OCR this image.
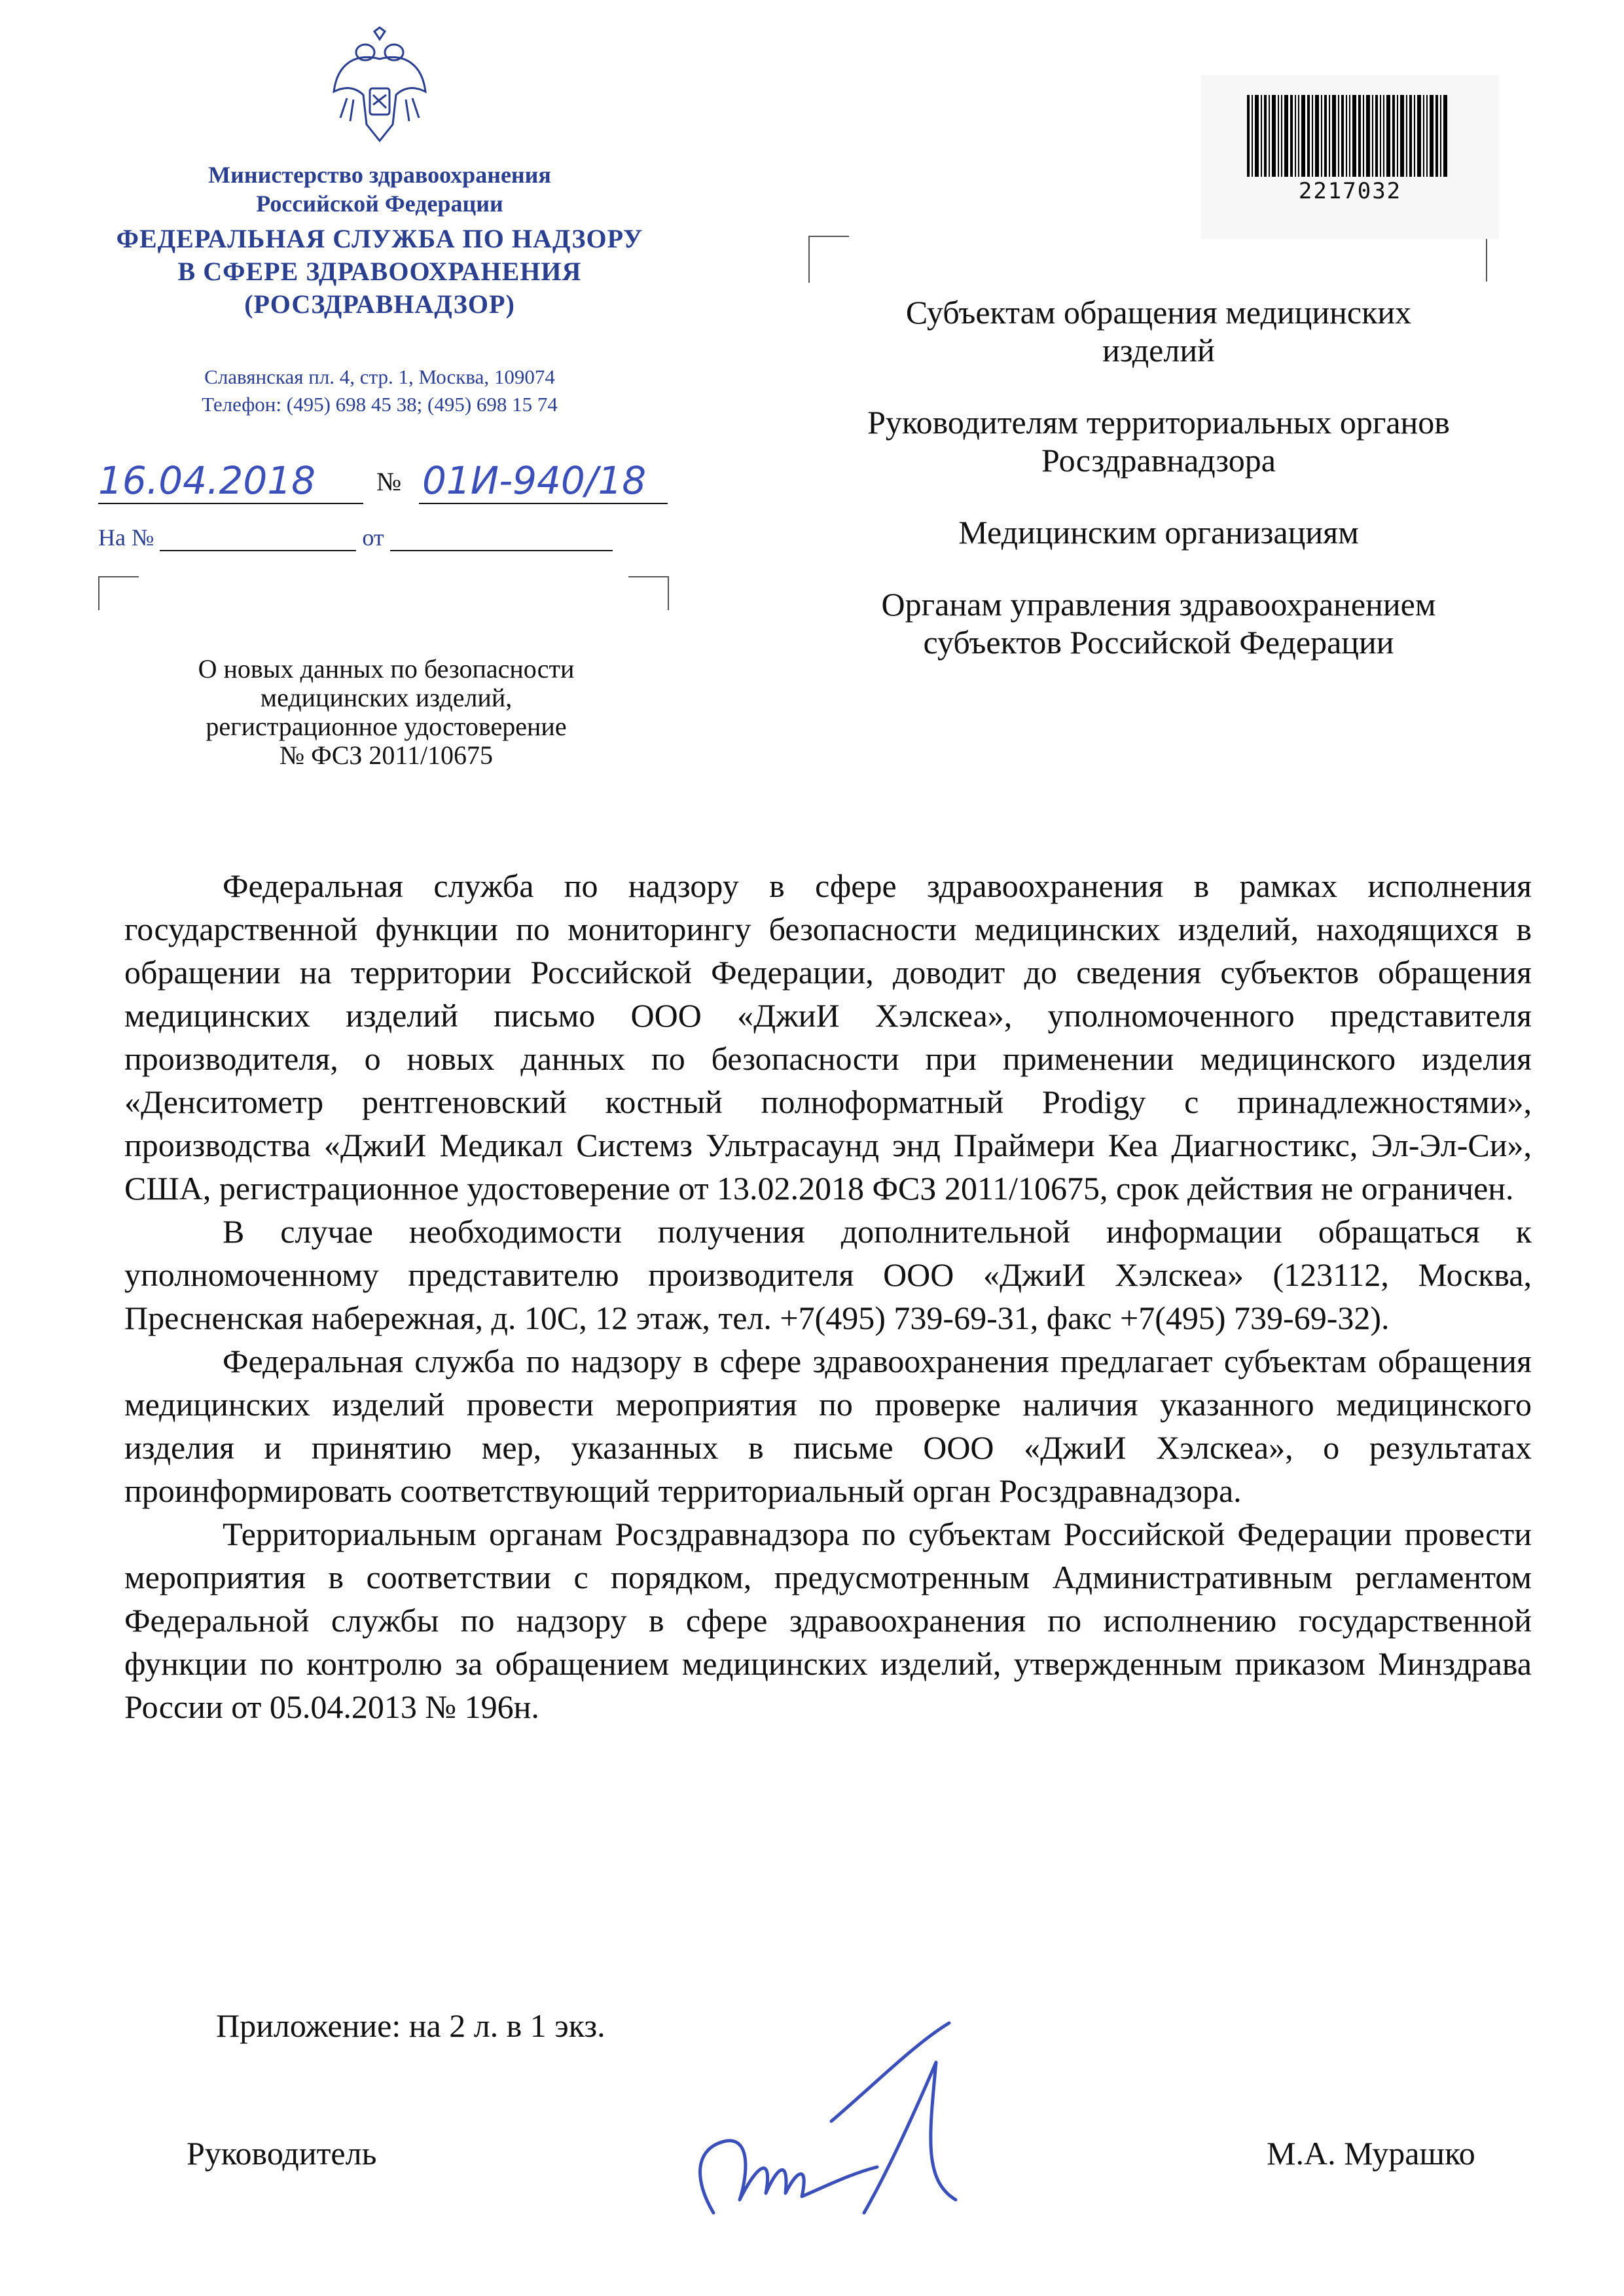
Министерство здравоохранения
Российской Федерации
ФЕДЕРАЛЬНАЯ СЛУЖБА ПО НАДЗОРУ
В СФЕРЕ ЗДРАВООХРАНЕНИЯ
(РОСЗДРАВНАДЗОР)
Славянская пл. 4, стр. 1, Москва, 109074
Телефон: (495) 698 45 38; (495) 698 15 74
16.04.2018 № 01И-940/18
На №	от
О новых данных по безопасности
медицинских изделий,
регистрационное удостоверение
№ ФСЗ 2011/10675
2217032

Субъектам обращения медицинских изделий

Руководителям территориальных органов Росздравнадзора

Медицинским организациям

Органам управления здравоохранением субъектов Российской Федерации

Федеральная служба по надзору в сфере здравоохранения в рамках исполнения государственной функции по мониторингу безопасности медицинских изделий, находящихся в обращении на территории Российской Федерации, доводит до сведения субъектов обращения медицинских изделий письмо ООО «ДжиИ Хэлскеа», уполномоченного представителя производителя, о новых данных по безопасности при применении медицинского изделия «Денситометр рентгеновский костный полноформатный Prodigy с принадлежностями», производства «ДжиИ Медикал Системз Ультрасаунд энд Праймери Кеа Диагностикс, Эл-Эл-Си», США, регистрационное удостоверение от 13.02.2018 ФСЗ 2011/10675, срок действия не ограничен.

В случае необходимости получения дополнительной информации обращаться к уполномоченному представителю производителя ООО «ДжиИ Хэлскеа» (123112, Москва, Пресненская набережная, д. 10С, 12 этаж, тел. +7(495) 739-69-31, факс +7(495) 739-69-32).

Федеральная служба по надзору в сфере здравоохранения предлагает субъектам обращения медицинских изделий провести мероприятия по проверке наличия указанного медицинского изделия и принятию мер, указанных в письме ООО «ДжиИ Хэлскеа», о результатах проинформировать соответствующий территориальный орган Росздравнадзора.

Территориальным органам Росздравнадзора по субъектам Российской Федерации провести мероприятия в соответствии с порядком, предусмотренным Административным регламентом Федеральной службы по надзору в сфере здравоохранения по исполнению государственной функции по контролю за обращением медицинских изделий, утвержденным приказом Минздрава России от 05.04.2013 № 196н.

Приложение: на 2 л. в 1 экз.
Руководитель	М.А. Мурашко
